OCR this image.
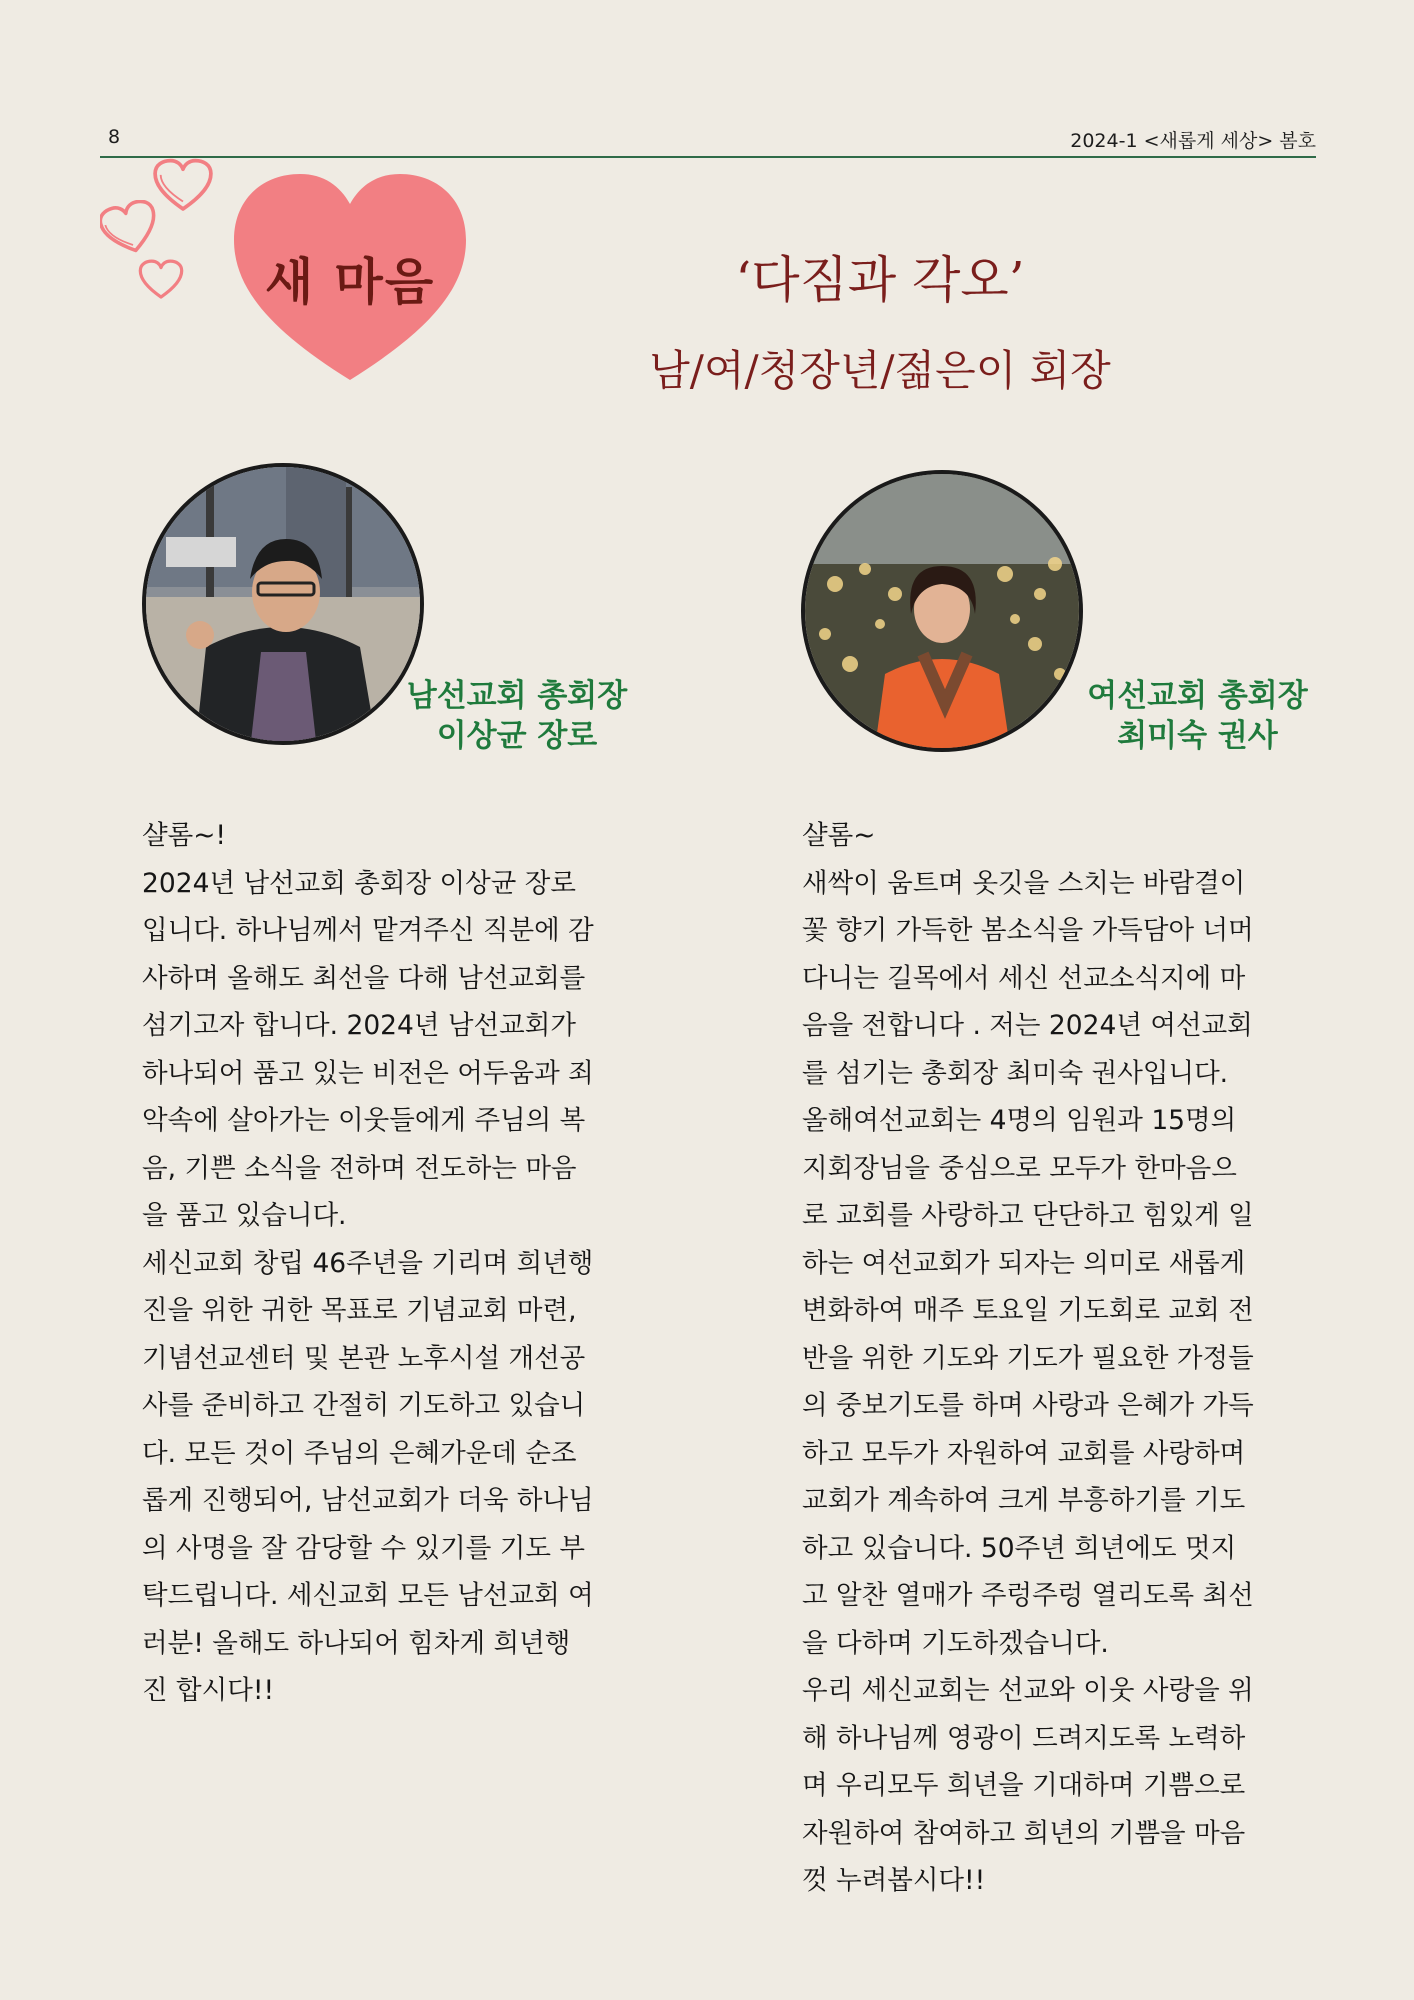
8	2024-1 <새롭게 세상> 봄호
새 마음	‘다짐과 각오’
남/여/청장년/젊은이 회장
남선교회 총회장
이상균 장로
여선교회 총회장
최미숙 권사

샬롬~!

2024년 남선교회 총회장 이상균 장로

입니다. 하나님께서 맡겨주신 직분에 감

사하며 올해도 최선을 다해 남선교회를

섬기고자 합니다. 2024년 남선교회가

하나되어 품고 있는 비전은 어두움과 죄

악속에 살아가는 이웃들에게 주님의 복

음, 기쁜 소식을 전하며 전도하는 마음

을 품고 있습니다.

세신교회 창립 46주년을 기리며 희년행

진을 위한 귀한 목표로 기념교회 마련,

기념선교센터 및 본관 노후시설 개선공

사를 준비하고 간절히 기도하고 있습니

다. 모든 것이 주님의 은혜가운데 순조

롭게 진행되어, 남선교회가 더욱 하나님

의 사명을 잘 감당할 수 있기를 기도 부

탁드립니다. 세신교회 모든 남선교회 여

러분! 올해도 하나되어 힘차게 희년행

진 합시다!!

샬롬~

새싹이 움트며 옷깃을 스치는 바람결이

꽃 향기 가득한 봄소식을 가득담아 너머

다니는 길목에서 세신 선교소식지에 마

음을 전합니다 . 저는 2024년 여선교회

를 섬기는 총회장 최미숙 권사입니다.

올해여선교회는 4명의 임원과 15명의

지회장님을 중심으로 모두가 한마음으

로 교회를 사랑하고 단단하고 힘있게 일

하는 여선교회가 되자는 의미로 새롭게

변화하여 매주 토요일 기도회로 교회 전

반을 위한 기도와 기도가 필요한 가정들

의 중보기도를 하며 사랑과 은혜가 가득

하고 모두가 자원하여 교회를 사랑하며

교회가 계속하여 크게 부흥하기를 기도

하고 있습니다. 50주년 희년에도 멋지

고 알찬 열매가 주렁주렁 열리도록 최선

을 다하며 기도하겠습니다.

우리 세신교회는 선교와 이웃 사랑을 위

해 하나님께 영광이 드려지도록 노력하

며 우리모두 희년을 기대하며 기쁨으로

자원하여 참여하고 희년의 기쁨을 마음

껏 누려봅시다!!
